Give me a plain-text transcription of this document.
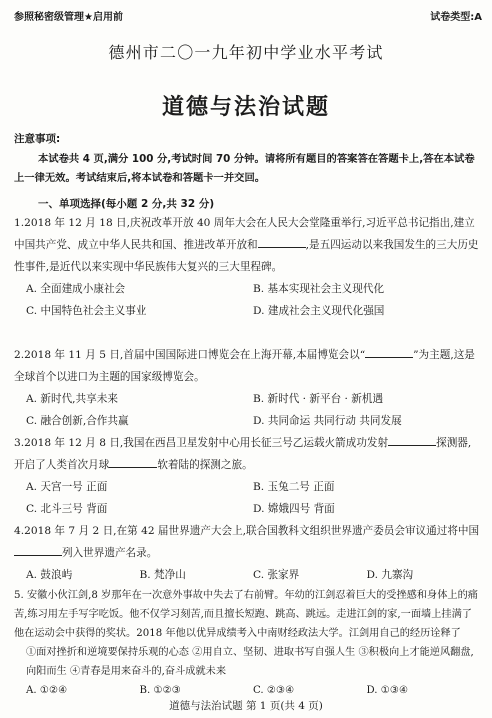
参照秘密级管理★启用前	试卷类型:A
德州市二〇一九年初中学业水平考试
道德与法治试题
注意事项:
本试卷共 4 页,满分 100 分,考试时间 70 分钟。请将所有题目的答案答在答题卡上,答在本试卷上一律无效。考试结束后,将本试卷和答题卡一并交回。
一、单项选择(每小题 2 分,共 32 分)
1.2018 年 12 月 18 日,庆祝改革开放 40 周年大会在人民大会堂隆重举行,习近平总书记指出,建立中国共产党、成立中华人民共和国、推进改革开放和	,是五四运动以来我国发生的三大历史性事件,是近代以来实现中华民族伟大复兴的三大里程碑。
A. 全面建成小康社会	B. 基本实现社会主义现代化
C. 中国特色社会主义事业	D. 建成社会主义现代化强国
2.2018 年 11 月 5 日,首届中国国际进口博览会在上海开幕,本届博览会以“	”为主题,这是全球首个以进口为主题的国家级博览会。
A. 新时代,共享未来	B. 新时代 · 新平台 · 新机遇
C. 融合创新,合作共赢	D. 共同命运 共同行动 共同发展
3.2018 年 12 月 8 日,我国在西昌卫星发射中心用长征三号乙运载火箭成功发射	探测器,开启了人类首次月球	软着陆的探测之旅。
A. 天宫一号 正面	B. 玉兔二号 正面
C. 北斗三号 背面	D. 嫦娥四号 背面
4.2018 年 7 月 2 日,在第 42 届世界遗产大会上,联合国教科文组织世界遗产委员会审议通过将中国列入世界遗产名录。
A. 鼓浪屿	B. 梵净山	C. 张家界	D. 九寨沟
5. 安徽小伙江剑,8 岁那年在一次意外事故中失去了右前臂。年幼的江剑忍着巨大的受挫感和身体上的痛苦,练习用左手写字吃饭。他不仅学习刻苦,而且擅长短跑、跳高、跳远。走进江剑的家,一面墙上挂满了他在运动会中获得的奖状。2018 年他以优异成绩考入中南财经政法大学。江剑用自己的经历诠释了
①面对挫折和逆境要保持乐观的心态 ②用自立、坚韧、进取书写自强人生 ③积极向上才能逆风翻盘,向阳而生 ④青春是用来奋斗的,奋斗成就未来
A. ①②④	B. ①②③	C. ②③④	D. ①③④
道德与法治试题 第 1 页(共 4 页)
